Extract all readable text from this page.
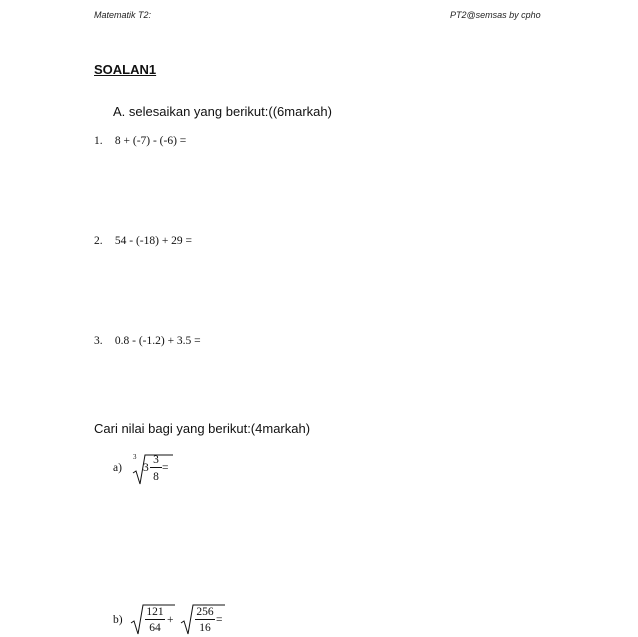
Matematik T2:	PT2@semsas by cpho
SOALAN1
A. selesaikan yang berikut:((6markah)
1. 8 + (-7) - (-6) =
2. 54 - (-18) + 29 =
3. 0.8 - (-1.2) + 3.5 =
Cari nilai bagi yang berikut:(4markah)
a)
3
3
3
8
=
b)
121
64
+
256
16
=
